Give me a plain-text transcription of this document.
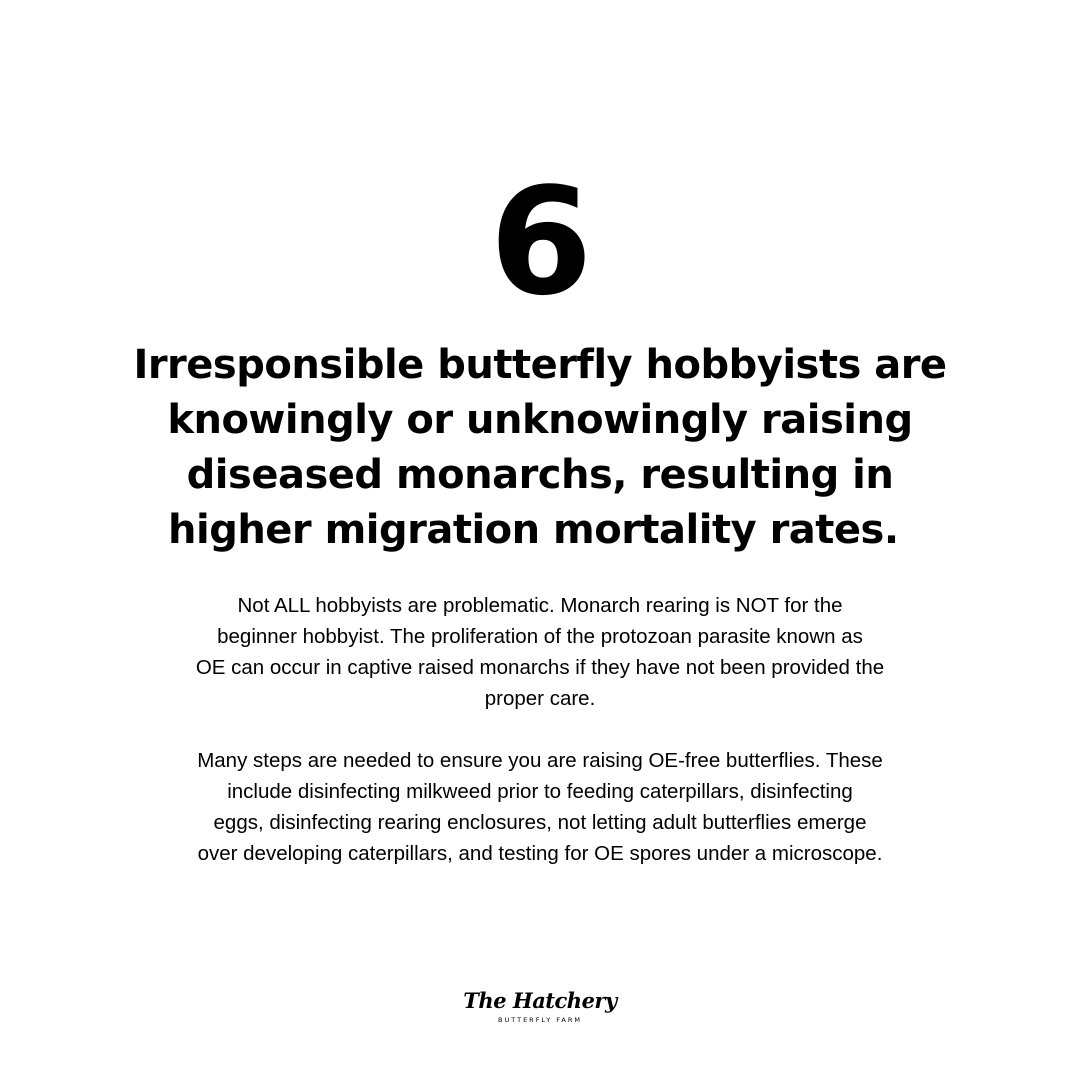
6
Irresponsible butterfly hobbyists are
knowingly or unknowingly raising
diseased monarchs, resulting in
higher migration mortality rates.

Not ALL hobbyists are problematic. Monarch rearing is NOT for the
beginner hobbyist. The proliferation of the protozoan parasite known as
OE can occur in captive raised monarchs if they have not been provided the
proper care.

Many steps are needed to ensure you are raising OE-free butterflies. These
include disinfecting milkweed prior to feeding caterpillars, disinfecting
eggs, disinfecting rearing enclosures, not letting adult butterflies emerge
over developing caterpillars, and testing for OE spores under a microscope.

The Hatchery
BUTTERFLY FARM
